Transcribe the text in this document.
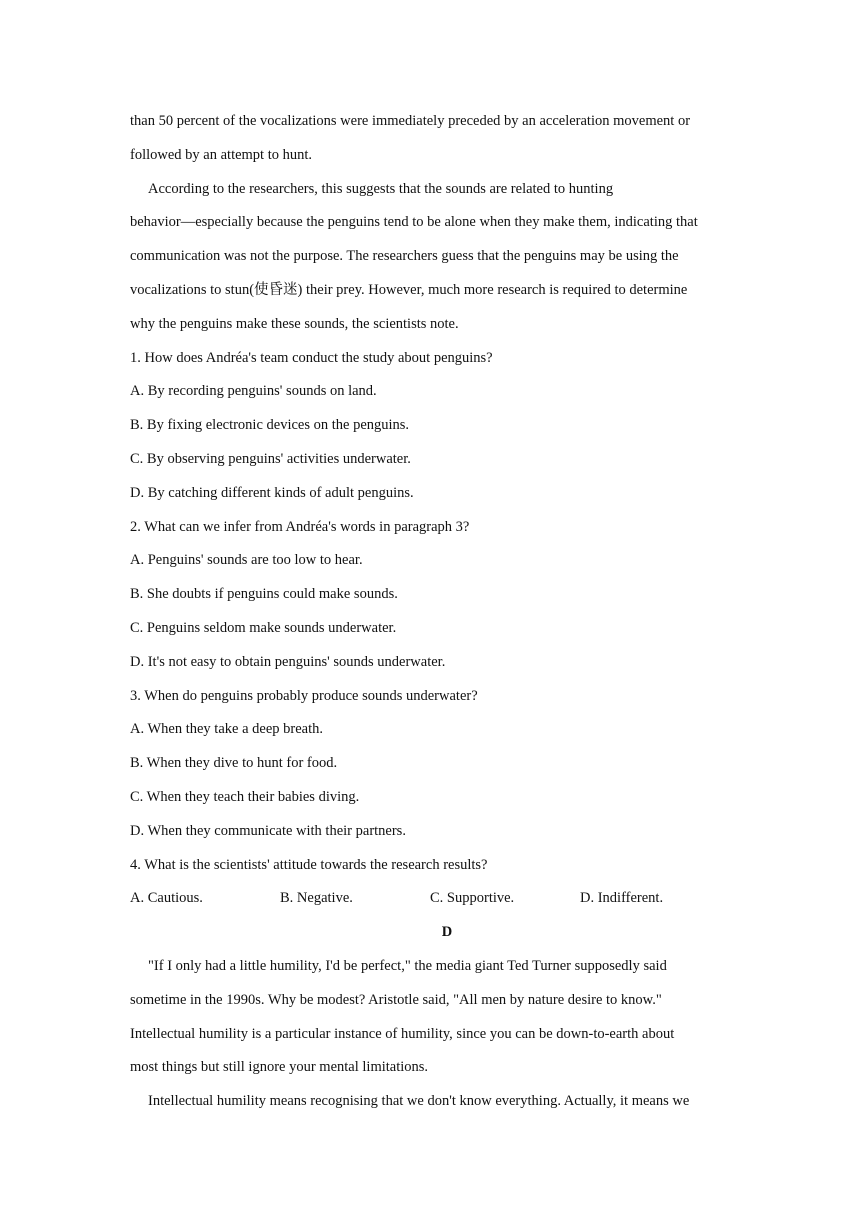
than 50 percent of the vocalizations were immediately preceded by an acceleration movement or
followed by an attempt to hunt.
According to the researchers, this suggests that the sounds are related to hunting
behavior—especially because the penguins tend to be alone when they make them, indicating that
communication was not the purpose. The researchers guess that the penguins may be using the
vocalizations to stun(使昏迷) their prey. However, much more research is required to determine
why the penguins make these sounds, the scientists note.
1. How does Andréa's team conduct the study about penguins?
A. By recording penguins' sounds on land.
B. By fixing electronic devices on the penguins.
C. By observing penguins' activities underwater.
D. By catching different kinds of adult penguins.
2. What can we infer from Andréa's words in paragraph 3?
A. Penguins' sounds are too low to hear.
B. She doubts if penguins could make sounds.
C. Penguins seldom make sounds underwater.
D. It's not easy to obtain penguins' sounds underwater.
3. When do penguins probably produce sounds underwater?
A. When they take a deep breath.
B. When they dive to hunt for food.
C. When they teach their babies diving.
D. When they communicate with their partners.
4. What is the scientists' attitude towards the research results?
A. Cautious.	B. Negative.	C. Supportive.	D. Indifferent.
D
"If I only had a little humility, I'd be perfect," the media giant Ted Turner supposedly said
sometime in the 1990s. Why be modest? Aristotle said, "All men by nature desire to know."
Intellectual humility is a particular instance of humility, since you can be down-to-earth about
most things but still ignore your mental limitations.
Intellectual humility means recognising that we don't know everything. Actually, it means we
